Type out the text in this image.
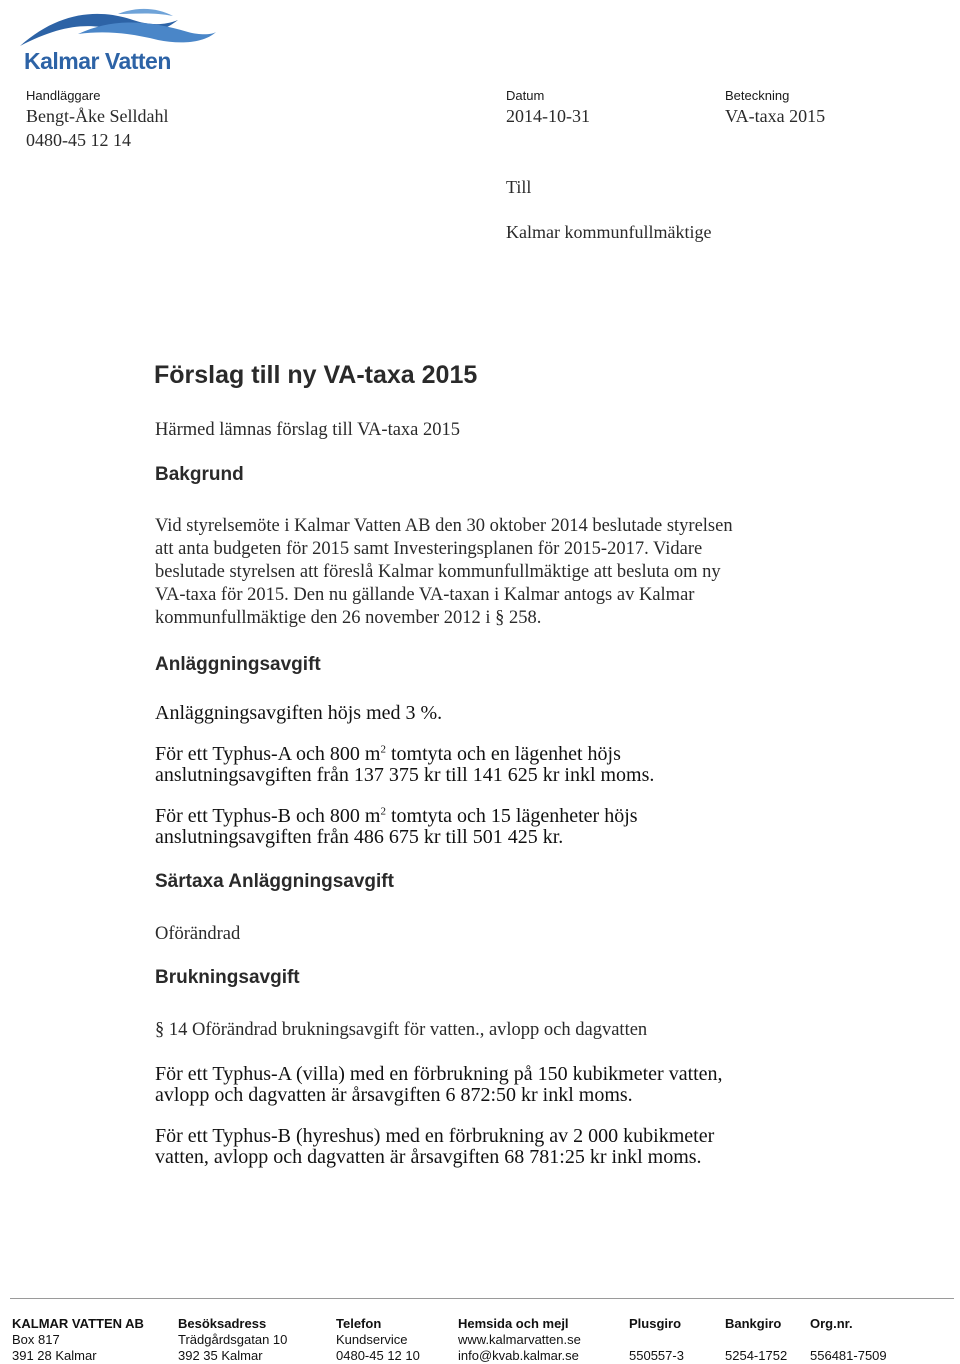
Kalmar Vatten
Handläggare
Bengt-Åke Selldahl
0480-45 12 14
Datum
2014-10-31
Beteckning
VA-taxa 2015
Till
Kalmar kommunfullmäktige
Förslag till ny VA-taxa 2015
Härmed lämnas förslag till VA-taxa 2015
Bakgrund
Vid styrelsemöte i Kalmar Vatten AB den 30 oktober 2014 beslutade styrelsen
att anta budgeten för 2015 samt Investeringsplanen för 2015-2017. Vidare
beslutade styrelsen att föreslå Kalmar kommunfullmäktige att besluta om ny
VA-taxa för 2015. Den nu gällande VA-taxan i Kalmar antogs av Kalmar
kommunfullmäktige den 26 november 2012 i § 258.
Anläggningsavgift
Anläggningsavgiften höjs med 3 %.
För ett Typhus-A och 800 $m^2$ tomtyta och en lägenhet höjs
anslutningsavgiften från 137 375 kr till 141 625 kr inkl moms.
För ett Typhus-B och 800 $m^2$ tomtyta och 15 lägenheter höjs
anslutningsavgiften från 486 675 kr till 501 425 kr.
Särtaxa Anläggningsavgift
Oförändrad
Brukningsavgift
§ 14 Oförändrad brukningsavgift för vatten., avlopp och dagvatten
För ett Typhus-A (villa) med en förbrukning på 150 kubikmeter vatten,
avlopp och dagvatten är årsavgiften 6 872:50 kr inkl moms.
För ett Typhus-B (hyreshus) med en förbrukning av 2 000 kubikmeter
vatten, avlopp och dagvatten är årsavgiften 68 781:25 kr inkl moms.
KALMAR VATTEN AB
Box 817
391 28 Kalmar
Besöksadress
Trädgårdsgatan 10
392 35 Kalmar
Telefon
Kundservice
0480-45 12 10
Hemsida och mejl
www.kalmarvatten.se
info@kvab.kalmar.se
Plusgiro

550557-3
Bankgiro

5254-1752
Org.nr.

556481-7509
